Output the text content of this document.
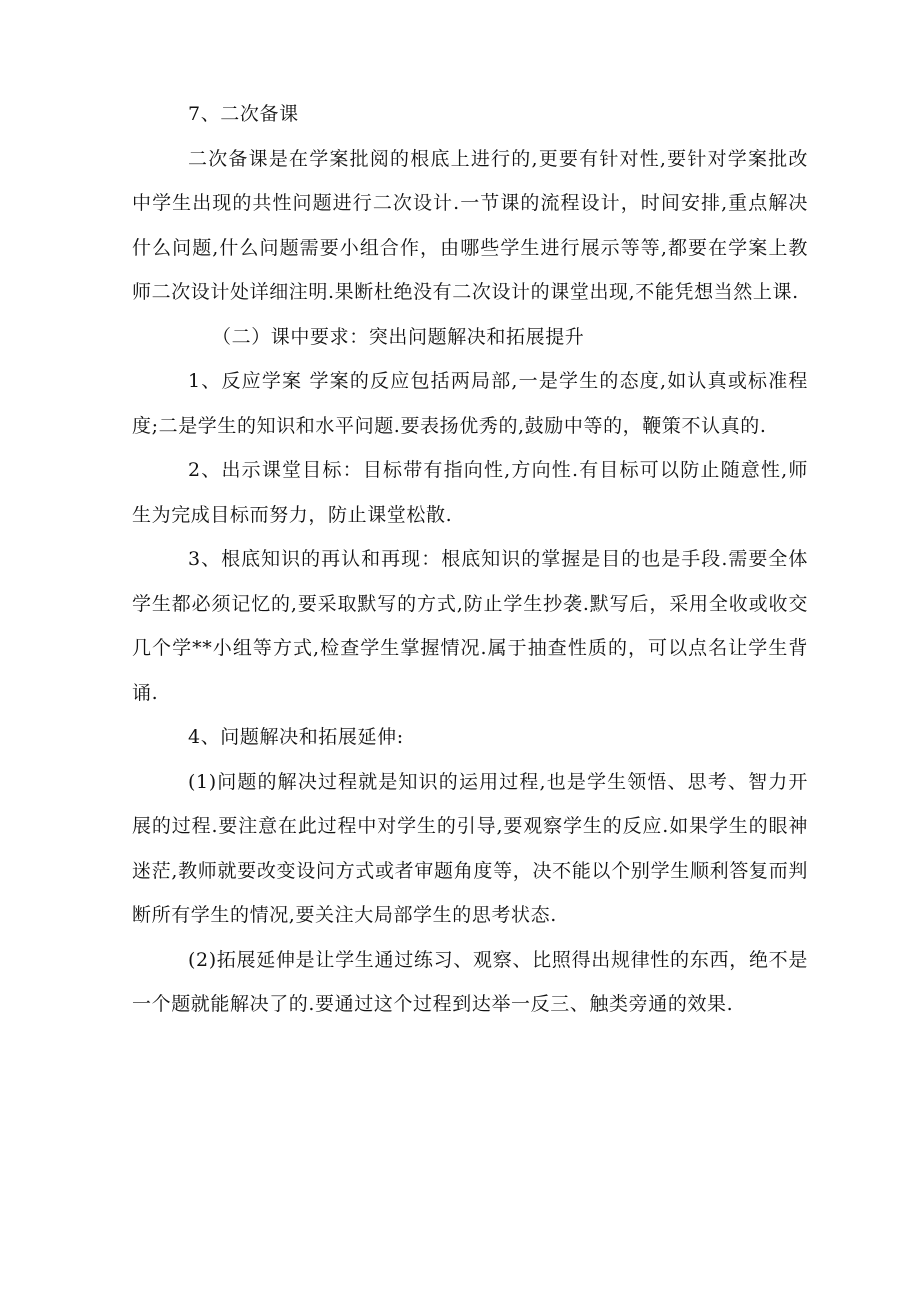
7、二次备课

二次备课是在学案批阅的根底上进行的,更要有针对性,要针对学案批改中学生出现的共性问题进行二次设计.一节课的流程设计，时间安排,重点解决什么问题,什么问题需要小组合作，由哪些学生进行展示等等,都要在学案上教师二次设计处详细注明.果断杜绝没有二次设计的课堂出现,不能凭想当然上课.

（二）课中要求：突出问题解决和拓展提升

1、反应学案 学案的反应包括两局部,一是学生的态度,如认真或标准程度;二是学生的知识和水平问题.要表扬优秀的,鼓励中等的，鞭策不认真的.

2、出示课堂目标：目标带有指向性,方向性.有目标可以防止随意性,师生为完成目标而努力，防止课堂松散.

3、根底知识的再认和再现：根底知识的掌握是目的也是手段.需要全体学生都必须记忆的,要采取默写的方式,防止学生抄袭.默写后，采用全收或收交几个学**小组等方式,检查学生掌握情况.属于抽查性质的，可以点名让学生背诵.

4、问题解决和拓展延伸:

(1)问题的解决过程就是知识的运用过程,也是学生领悟、思考、智力开展的过程.要注意在此过程中对学生的引导,要观察学生的反应.如果学生的眼神迷茫,教师就要改变设问方式或者审题角度等，决不能以个别学生顺利答复而判断所有学生的情况,要关注大局部学生的思考状态.

(2)拓展延伸是让学生通过练习、观察、比照得出规律性的东西，绝不是一个题就能解决了的.要通过这个过程到达举一反三、触类旁通的效果.
